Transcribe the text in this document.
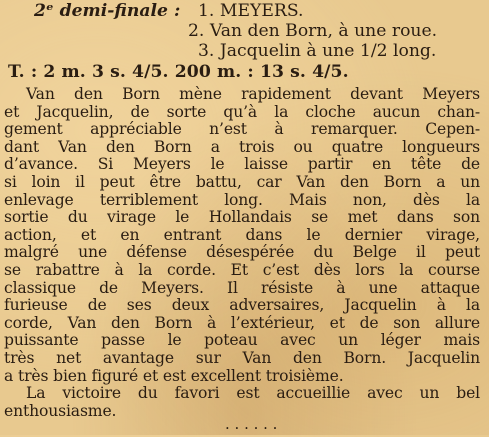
2ᵉ demi-finale : 1. MEYERS.
2. Van den Born, à une roue.
3. Jacquelin à une 1/2 long.
T. : 2 m. 3 s. 4/5. 200 m. : 13 s. 4/5.
Van den Born mène rapidement devant Meyers
et Jacquelin, de sorte qu’à la cloche aucun chan-
gement appréciable n’est à remarquer. Cepen-
dant Van den Born a trois ou quatre longueurs
d’avance. Si Meyers le laisse partir en tête de
si loin il peut être battu, car Van den Born a un
enlevage terriblement long. Mais non, dès la
sortie du virage le Hollandais se met dans son
action, et en entrant dans le dernier virage,
malgré une défense désespérée du Belge il peut
se rabattre à la corde. Et c’est dès lors la course
classique de Meyers. Il résiste à une attaque
furieuse de ses deux adversaires, Jacquelin à la
corde, Van den Born à l’extérieur, et de son allure
puissante passe le poteau avec un léger mais
très net avantage sur Van den Born. Jacquelin
a très bien figuré et est excellent troisième.
La victoire du favori est accueillie avec un bel
enthousiasme.
· · · · · ·
